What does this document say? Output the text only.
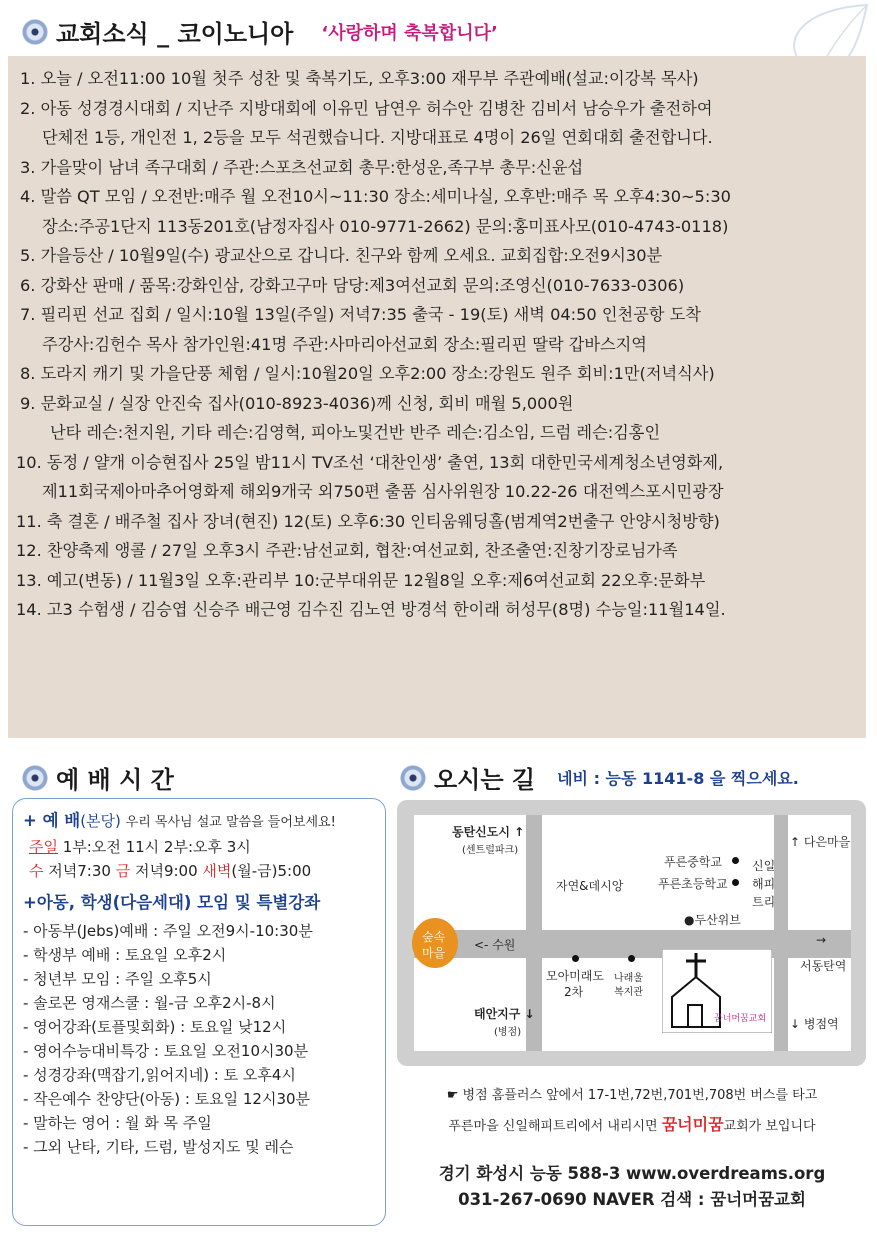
교회소식 _ 코이노니아 ‘사랑하며 축복합니다’
1. 오늘 / 오전11:00 10월 첫주 성찬 및 축복기도, 오후3:00 재무부 주관예배(설교:이강복 목사)
2. 아동 성경경시대회 / 지난주 지방대회에 이유민 남연우 허수안 김병찬 김비서 남승우가 출전하여
단체전 1등, 개인전 1, 2등을 모두 석권했습니다. 지방대표로 4명이 26일 연회대회 출전합니다.
3. 가을맞이 남녀 족구대회 / 주관:스포츠선교회 총무:한성운,족구부 총무:신윤섭
4. 말씀 QT 모임 / 오전반:매주 월 오전10시~11:30 장소:세미나실, 오후반:매주 목 오후4:30~5:30
장소:주공1단지 113동201호(남정자집사 010-9771-2662) 문의:홍미표사모(010-4743-0118)
5. 가을등산 / 10월9일(수) 광교산으로 갑니다. 친구와 함께 오세요. 교회집합:오전9시30분
6. 강화산 판매 / 품목:강화인삼, 강화고구마 담당:제3여선교회 문의:조영신(010-7633-0306)
7. 필리핀 선교 집회 / 일시:10월 13일(주일) 저녁7:35 출국 - 19(토) 새벽 04:50 인천공항 도착
주강사:김헌수 목사 참가인원:41명 주관:사마리아선교회 장소:필리핀 딸락 갑바스지역
8. 도라지 캐기 및 가을단풍 체험 / 일시:10월20일 오후2:00 장소:강원도 원주 회비:1만(저녁식사)
9. 문화교실 / 실장 안진숙 집사(010-8923-4036)께 신청, 회비 매월 5,000원
난타 레슨:천지원, 기타 레슨:김영혁, 피아노및건반 반주 레슨:김소임, 드럼 레슨:김홍인
10. 동정 / 얄개 이승현집사 25일 밤11시 TV조선 ‘대찬인생’ 출연, 13회 대한민국세계청소년영화제,
제11회국제아마추어영화제 해외9개국 외750편 출품 심사위원장 10.22-26 대전엑스포시민광장
11. 축 결혼 / 배주철 집사 장녀(현진) 12(토) 오후6:30 인티움웨딩홀(범계역2번출구 안양시청방향)
12. 찬양축제 앵콜 / 27일 오후3시 주관:남선교회, 협찬:여선교회, 찬조출연:진창기장로님가족
13. 예고(변동) / 11월3일 오후:관리부 10:군부대위문 12월8일 오후:제6여선교회 22오후:문화부
14. 고3 수험생 / 김승엽 신승주 배근영 김수진 김노연 방경석 한이래 허성무(8명) 수능일:11월14일.
예 배 시 간
+ 예 배(본당) 우리 목사님 설교 말씀을 들어보세요!
주일 1부:오전 11시 2부:오후 3시
수 저녁7:30 금 저녁9:00 새벽(월-금)5:00
+아동, 학생(다음세대) 모임 및 특별강좌
- 아동부(Jebs)예배 : 주일 오전9시-10:30분
- 학생부 예배 : 토요일 오후2시
- 청년부 모임 : 주일 오후5시
- 솔로몬 영재스쿨 : 월-금 오후2시-8시
- 영어강좌(토플및회화) : 토요일 낮12시
- 영어수능대비특강 : 토요일 오전10시30분
- 성경강좌(맥잡기,읽어지네) : 토 오후4시
- 작은예수 찬양단(아동) : 토요일 12시30분
- 말하는 영어 : 월 화 목 주일
- 그외 난타, 기타, 드럼, 발성지도 및 레슨
오시는 길 네비 : 능동 1141-8 을 찍으세요.
동탄신도시 ↑
(센트럴파크)
↑ 다은마을
신일
해피
트리
푸른중학교
푸른초등학교
자연&데시앙
●두산위브
숲속
마을
<- 수원	→
서동탄역
모아미래도
2차
나래울
복지관
꿈너머꿈교회
태안지구 ↓
(병점)
↓ 병점역
☛ 병점 홈플러스 앞에서 17-1번,72번,701번,708번 버스를 타고
푸른마을 신일해피트리에서 내리시면 꿈너미꿈교회가 보입니다
경기 화성시 능동 588-3 www.overdreams.org
031-267-0690 NAVER 검색 : 꿈너머꿈교회
